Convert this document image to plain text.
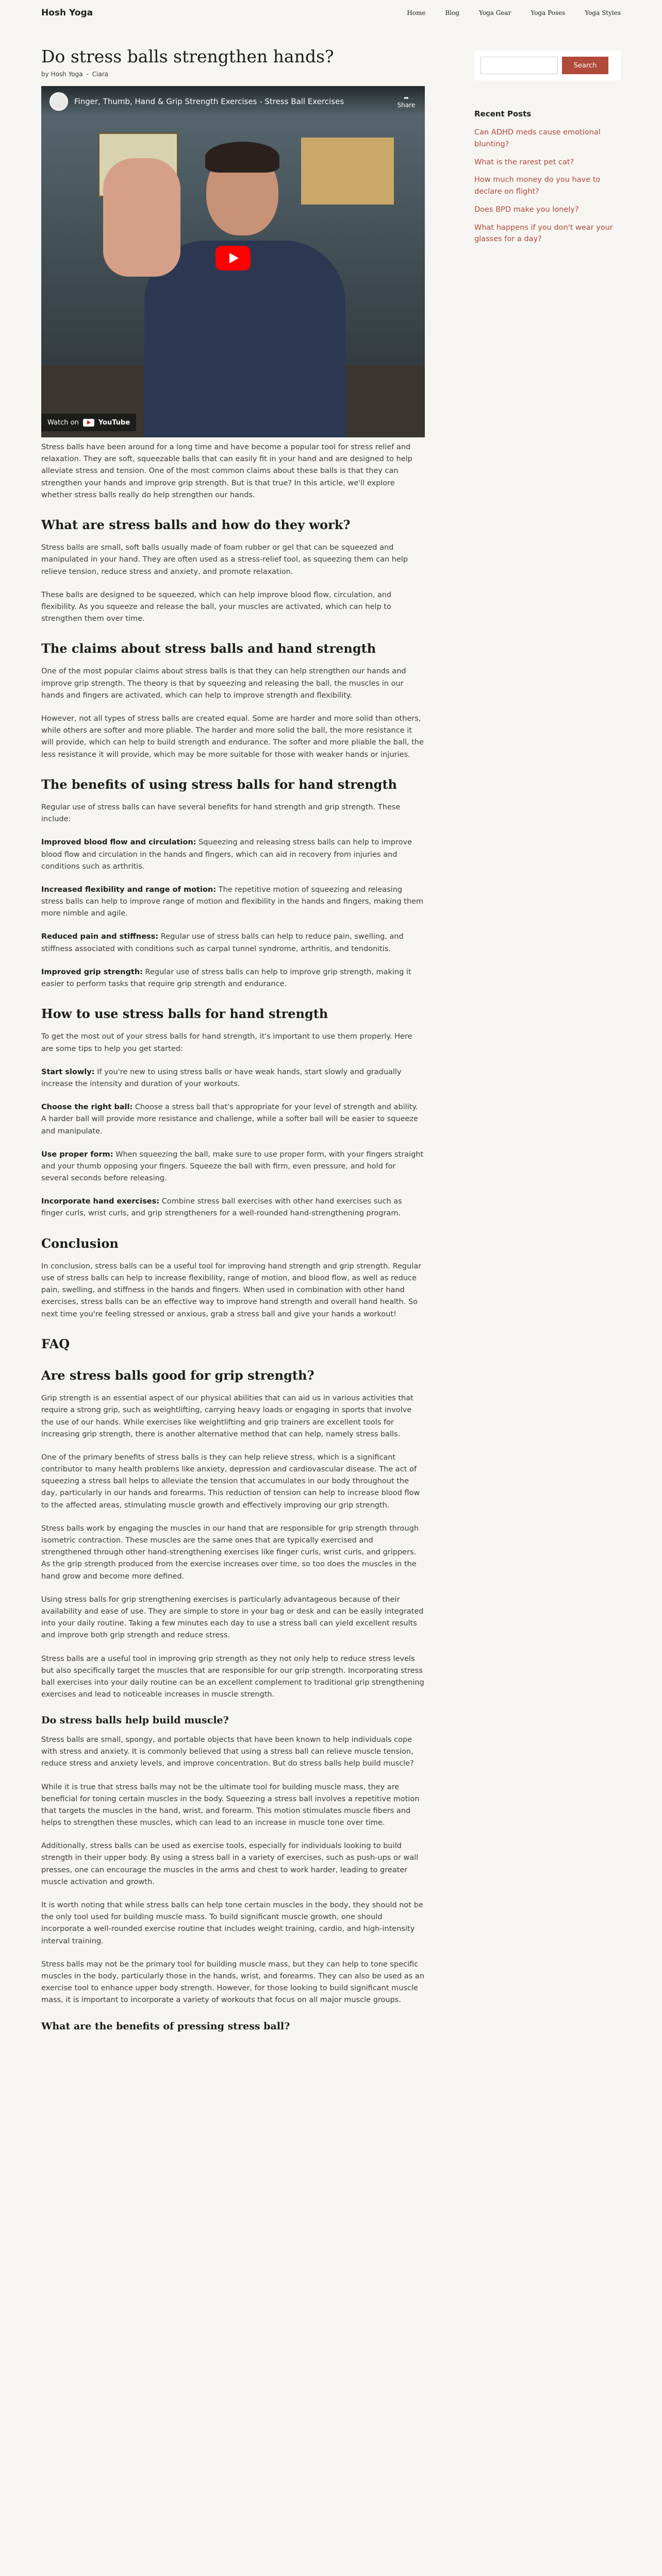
Hosh Yoga	Home	Blog	Yoga Gear	Yoga Poses	Yoga Styles
Do stress balls strengthen hands?
by Hosh Yoga - Ciara
Finger, Thumb, Hand & Grip Strength Exercises - Stress Ball Exercises	➦
Share
Watch on	YouTube

Stress balls have been around for a long time and have become a popular tool for stress relief and relaxation. They are soft, squeezable balls that can easily fit in your hand and are designed to help alleviate stress and tension. One of the most common claims about these balls is that they can strengthen your hands and improve grip strength. But is that true? In this article, we'll explore whether stress balls really do help strengthen our hands.

What are stress balls and how do they work?

Stress balls are small, soft balls usually made of foam rubber or gel that can be squeezed and manipulated in your hand. They are often used as a stress-relief tool, as squeezing them can help relieve tension, reduce stress and anxiety, and promote relaxation.

These balls are designed to be squeezed, which can help improve blood flow, circulation, and flexibility. As you squeeze and release the ball, your muscles are activated, which can help to strengthen them over time.

The claims about stress balls and hand strength

One of the most popular claims about stress balls is that they can help strengthen our hands and improve grip strength. The theory is that by squeezing and releasing the ball, the muscles in our hands and fingers are activated, which can help to improve strength and flexibility.

However, not all types of stress balls are created equal. Some are harder and more solid than others, while others are softer and more pliable. The harder and more solid the ball, the more resistance it will provide, which can help to build strength and endurance. The softer and more pliable the ball, the less resistance it will provide, which may be more suitable for those with weaker hands or injuries.

The benefits of using stress balls for hand strength

Regular use of stress balls can have several benefits for hand strength and grip strength. These include:

Improved blood flow and circulation: Squeezing and releasing stress balls can help to improve blood flow and circulation in the hands and fingers, which can aid in recovery from injuries and conditions such as arthritis.

Increased flexibility and range of motion: The repetitive motion of squeezing and releasing stress balls can help to improve range of motion and flexibility in the hands and fingers, making them more nimble and agile.

Reduced pain and stiffness: Regular use of stress balls can help to reduce pain, swelling, and stiffness associated with conditions such as carpal tunnel syndrome, arthritis, and tendonitis.

Improved grip strength: Regular use of stress balls can help to improve grip strength, making it easier to perform tasks that require grip strength and endurance.

How to use stress balls for hand strength

To get the most out of your stress balls for hand strength, it's important to use them properly. Here are some tips to help you get started:

Start slowly: If you're new to using stress balls or have weak hands, start slowly and gradually increase the intensity and duration of your workouts.

Choose the right ball: Choose a stress ball that's appropriate for your level of strength and ability. A harder ball will provide more resistance and challenge, while a softer ball will be easier to squeeze and manipulate.

Use proper form: When squeezing the ball, make sure to use proper form, with your fingers straight and your thumb opposing your fingers. Squeeze the ball with firm, even pressure, and hold for several seconds before releasing.

Incorporate hand exercises: Combine stress ball exercises with other hand exercises such as finger curls, wrist curls, and grip strengtheners for a well-rounded hand-strengthening program.

Conclusion

In conclusion, stress balls can be a useful tool for improving hand strength and grip strength. Regular use of stress balls can help to increase flexibility, range of motion, and blood flow, as well as reduce pain, swelling, and stiffness in the hands and fingers. When used in combination with other hand exercises, stress balls can be an effective way to improve hand strength and overall hand health. So next time you're feeling stressed or anxious, grab a stress ball and give your hands a workout!

FAQ
Are stress balls good for grip strength?

Grip strength is an essential aspect of our physical abilities that can aid us in various activities that require a strong grip, such as weightlifting, carrying heavy loads or engaging in sports that involve the use of our hands. While exercises like weightlifting and grip trainers are excellent tools for increasing grip strength, there is another alternative method that can help, namely stress balls.

One of the primary benefits of stress balls is they can help relieve stress, which is a significant contributor to many health problems like anxiety, depression and cardiovascular disease. The act of squeezing a stress ball helps to alleviate the tension that accumulates in our body throughout the day, particularly in our hands and forearms. This reduction of tension can help to increase blood flow to the affected areas, stimulating muscle growth and effectively improving our grip strength.

Stress balls work by engaging the muscles in our hand that are responsible for grip strength through isometric contraction. These muscles are the same ones that are typically exercised and strengthened through other hand-strengthening exercises like finger curls, wrist curls, and grippers. As the grip strength produced from the exercise increases over time, so too does the muscles in the hand grow and become more defined.

Using stress balls for grip strengthening exercises is particularly advantageous because of their availability and ease of use. They are simple to store in your bag or desk and can be easily integrated into your daily routine. Taking a few minutes each day to use a stress ball can yield excellent results and improve both grip strength and reduce stress.

Stress balls are a useful tool in improving grip strength as they not only help to reduce stress levels but also specifically target the muscles that are responsible for our grip strength. Incorporating stress ball exercises into your daily routine can be an excellent complement to traditional grip strengthening exercises and lead to noticeable increases in muscle strength.

Do stress balls help build muscle?

Stress balls are small, spongy, and portable objects that have been known to help individuals cope with stress and anxiety. It is commonly believed that using a stress ball can relieve muscle tension, reduce stress and anxiety levels, and improve concentration. But do stress balls help build muscle?

While it is true that stress balls may not be the ultimate tool for building muscle mass, they are beneficial for toning certain muscles in the body. Squeezing a stress ball involves a repetitive motion that targets the muscles in the hand, wrist, and forearm. This motion stimulates muscle fibers and helps to strengthen these muscles, which can lead to an increase in muscle tone over time.

Additionally, stress balls can be used as exercise tools, especially for individuals looking to build strength in their upper body. By using a stress ball in a variety of exercises, such as push-ups or wall presses, one can encourage the muscles in the arms and chest to work harder, leading to greater muscle activation and growth.

It is worth noting that while stress balls can help tone certain muscles in the body, they should not be the only tool used for building muscle mass. To build significant muscle growth, one should incorporate a well-rounded exercise routine that includes weight training, cardio, and high-intensity interval training.

Stress balls may not be the primary tool for building muscle mass, but they can help to tone specific muscles in the body, particularly those in the hands, wrist, and forearms. They can also be used as an exercise tool to enhance upper body strength. However, for those looking to build significant muscle mass, it is important to incorporate a variety of workouts that focus on all major muscle groups.

What are the benefits of pressing stress ball?
Search
Recent Posts
Can ADHD meds cause emotional blunting?
What is the rarest pet cat?
How much money do you have to declare on flight?
Does BPD make you lonely?
What happens if you don't wear your glasses for a day?
